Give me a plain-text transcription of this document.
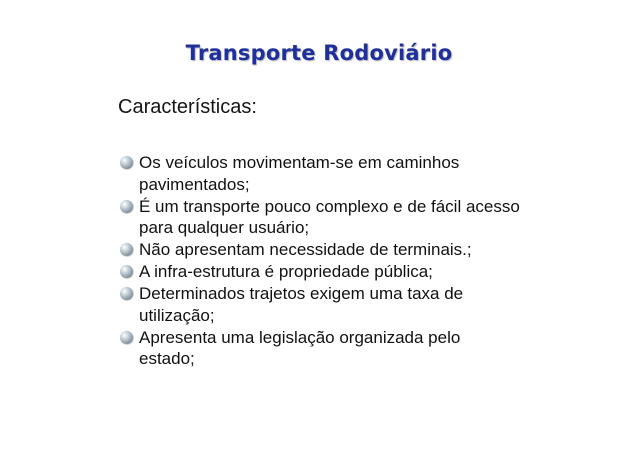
Transporte Rodoviário
Características:
Os veículos movimentam-se em caminhos pavimentados;
É um transporte pouco complexo e de fácil acesso para qualquer usuário;
Não apresentam necessidade de terminais.;
A infra-estrutura é propriedade pública;
Determinados trajetos exigem uma taxa de utilização;
Apresenta uma legislação organizada pelo estado;
